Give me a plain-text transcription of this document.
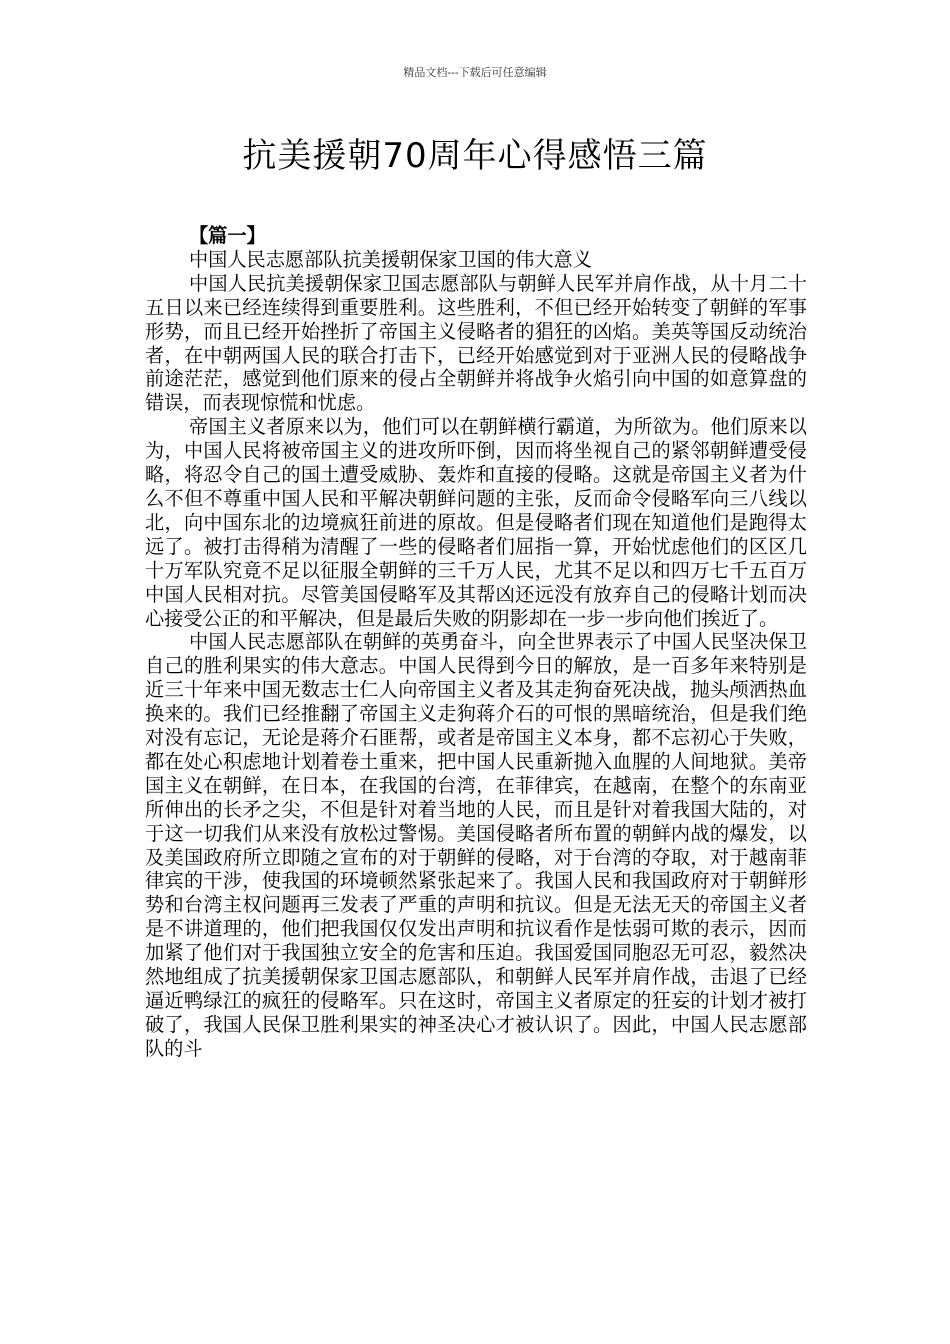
精品文档---下载后可任意编辑
抗美援朝70周年心得感悟三篇

【篇一】

中国人民志愿部队抗美援朝保家卫国的伟大意义

中国人民抗美援朝保家卫国志愿部队与朝鲜人民军并肩作战，从十月二十五日以来已经连续得到重要胜利。这些胜利，不但已经开始转变了朝鲜的军事形势，而且已经开始挫折了帝国主义侵略者的猖狂的凶焰。美英等国反动统治者，在中朝两国人民的联合打击下，已经开始感觉到对于亚洲人民的侵略战争前途茫茫，感觉到他们原来的侵占全朝鲜并将战争火焰引向中国的如意算盘的错误，而表现惊慌和忧虑。

帝国主义者原来以为，他们可以在朝鲜横行霸道，为所欲为。他们原来以为，中国人民将被帝国主义的进攻所吓倒，因而将坐视自己的紧邻朝鲜遭受侵略，将忍令自己的国土遭受威胁、轰炸和直接的侵略。这就是帝国主义者为什么不但不尊重中国人民和平解决朝鲜问题的主张，反而命令侵略军向三八线以北，向中国东北的边境疯狂前进的原故。但是侵略者们现在知道他们是跑得太远了。被打击得稍为清醒了一些的侵略者们屈指一算，开始忧虑他们的区区几十万军队究竟不足以征服全朝鲜的三千万人民，尤其不足以和四万七千五百万中国人民相对抗。尽管美国侵略军及其帮凶还远没有放弃自己的侵略计划而决心接受公正的和平解决，但是最后失败的阴影却在一步一步向他们挨近了。

中国人民志愿部队在朝鲜的英勇奋斗，向全世界表示了中国人民坚决保卫自己的胜利果实的伟大意志。中国人民得到今日的解放，是一百多年来特别是近三十年来中国无数志士仁人向帝国主义者及其走狗奋死决战，抛头颅洒热血换来的。我们已经推翻了帝国主义走狗蒋介石的可恨的黑暗统治，但是我们绝对没有忘记，无论是蒋介石匪帮，或者是帝国主义本身，都不忘初心于失败，都在处心积虑地计划着卷土重来，把中国人民重新抛入血腥的人间地狱。美帝国主义在朝鲜，在日本，在我国的台湾，在菲律宾，在越南，在整个的东南亚所伸出的长矛之尖，不但是针对着当地的人民，而且是针对着我国大陆的，对于这一切我们从来没有放松过警惕。美国侵略者所布置的朝鲜内战的爆发，以及美国政府所立即随之宣布的对于朝鲜的侵略，对于台湾的夺取，对于越南菲律宾的干涉，使我国的环境顿然紧张起来了。我国人民和我国政府对于朝鲜形势和台湾主权问题再三发表了严重的声明和抗议。但是无法无天的帝国主义者是不讲道理的，他们把我国仅仅发出声明和抗议看作是怯弱可欺的表示，因而加紧了他们对于我国独立安全的危害和压迫。我国爱国同胞忍无可忍，毅然决然地组成了抗美援朝保家卫国志愿部队，和朝鲜人民军并肩作战，击退了已经逼近鸭绿江的疯狂的侵略军。只在这时，帝国主义者原定的狂妄的计划才被打破了，我国人民保卫胜利果实的神圣决心才被认识了。因此，中国人民志愿部队的斗
